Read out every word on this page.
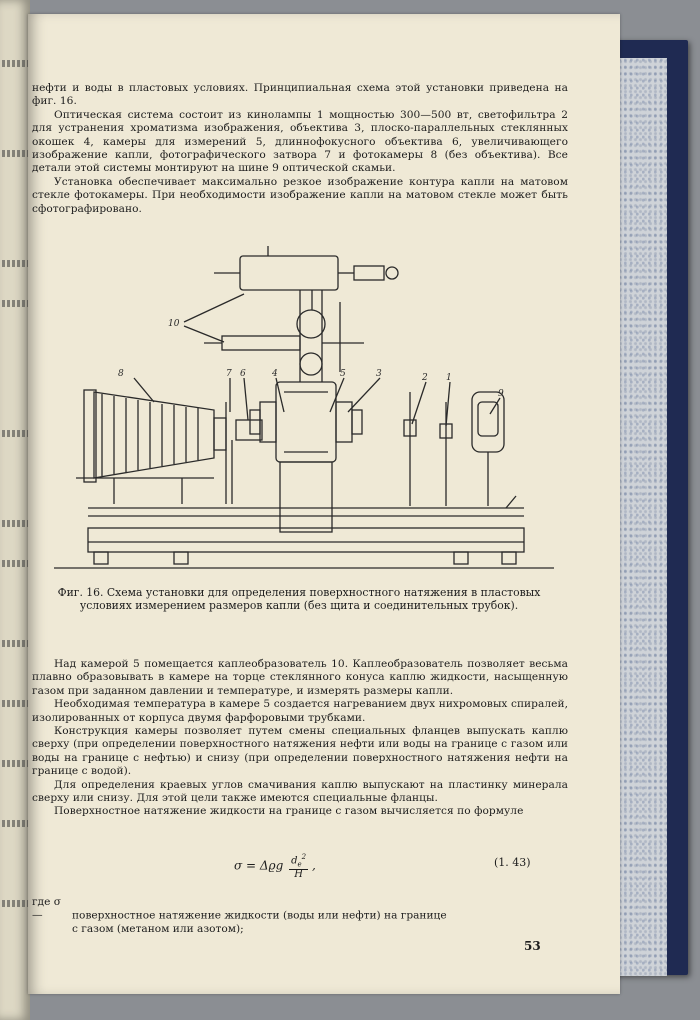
нефти и воды в пластовых условиях. Принципиальная схема этой установки приведена на фиг. 16.

Оптическая система состоит из кинолампы 1 мощностью 300—500 вт, светофильтра 2 для устранения хроматизма изображения, объектива 3, плоско-параллельных стеклянных окошек 4, камеры для измерений 5, длиннофокусного объектива 6, увеличивающего изображение капли, фотографического затвора 7 и фотокамеры 8 (без объектива). Все детали этой системы монтируют на шине 9 оптической скамьи.

Установка обеспечивает максимально резкое изображение контура капли на матовом стекле фотокамеры. При необходимости изображение капли на матовом стекле может быть сфотографировано.

10
8	7 6	4	5	3	2 1
9
Фиг. 16. Схема установки для определения поверхностного натяжения в пластовых условиях измерением размеров капли (без щита и соединительных трубок).

Над камерой 5 помещается каплеобразователь 10. Каплеобразователь позволяет весьма плавно образовывать в камере на торце стеклянного конуса каплю жидкости, насыщенную газом при заданном давлении и температуре, и измерять размеры капли.

Необходимая температура в камере 5 создается нагреванием двух нихромовых спиралей, изолированных от корпуса двумя фарфоровыми трубками.

Конструкция камеры позволяет путем смены специальных фланцев выпускать каплю сверху (при определении поверхностного натяжения нефти или воды на границе с газом или воды на границе с нефтью) и снизу (при определении поверхностного натяжения нефти на границе с водой).

Для определения краевых углов смачивания каплю выпускают на пластинку минерала сверху или снизу. Для этой цели также имеются специальные фланцы.

Поверхностное натяжение жидкости на границе с газом вычисляется по формуле

σ = Δϱg $\frac{d_e^2}{H}$ ,	(1. 43)
где σ —	поверхностное натяжение жидкости (воды или нефти) на границе
с газом (метаном или азотом);
53
